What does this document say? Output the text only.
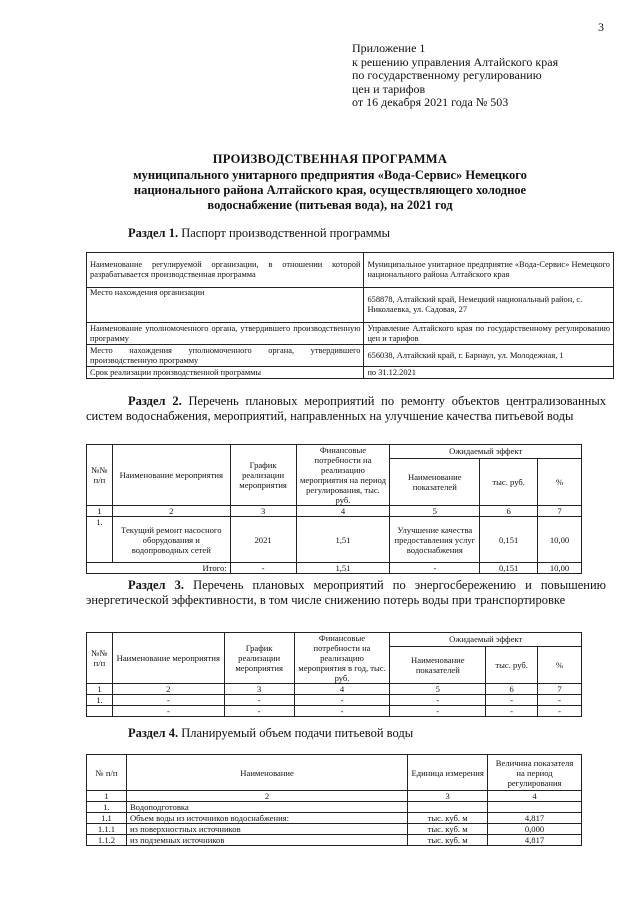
3
Приложение 1
к решению управления Алтайского края
по государственному регулированию
цен и тарифов
от 16 декабря 2021 года № 503
ПРОИЗВОДСТВЕННАЯ ПРОГРАММА
муниципального унитарного предприятия «Вода-Сервис» Немецкого
национального района Алтайского края, осуществляющего холодное
водоснабжение (питьевая вода), на 2021 год
Раздел 1. Паспорт производственной программы
Наименование регулируемой организации, в отношении которой разрабатывается производственная программа	Муниципальное унитарное предприятие «Вода-Сервис» Немецкого национального района Алтайского края
Место нахождения организации	658878, Алтайский край, Немецкий национальный район, с. Николаевка, ул. Садовая, 27
Наименование уполномоченного органа, утвердившего производственную программу	Управление Алтайского края по государственному регулированию цен и тарифов
Место нахождения уполномоченного органа, утвердившего производственную программу	656038, Алтайский край, г. Барнаул, ул. Молодежная, 1
Срок реализации производственной программы	по 31.12.2021
Раздел 2. Перечень плановых мероприятий по ремонту объектов централизованных систем водоснабжения, мероприятий, направленных на улучшение качества питьевой воды
№№ п/п	Наименование мероприятия	График реализации мероприятия	Финансовые потребности на реализацию мероприятия на период регулирования, тыс. руб.	Ожидаемый эффект		
				Наименование показателей	тыс. руб.	%
1	2	3	4	5	6	7
1.	Текущий ремонт насосного оборудования и водопроводных сетей	2021	1,51	Улучшение качества предоставления услуг водоснабжения	0,151	10,00
Итого:		-	1,51	-	0,151	10,00
Раздел 3. Перечень плановых мероприятий по энергосбережению и повышению энергетической эффективности, в том числе снижению потерь воды при транспортировке
№№ п/п	Наименование мероприятия	График реализации мероприятия	Финансовые потребности на реализацию мероприятия в год, тыс. руб.	Ожидаемый эффект		
				Наименование показателей	тыс. руб.	%
1	2	3	4	5	6	7
1.	-	-	-	-	-	-
	-	-	-	-	-	-
Раздел 4. Планируемый объем подачи питьевой воды
№ п/п	Наименование	Единица измерения	Величина показателя на период регулирования
1	2	3	4
1.	Водоподготовка		
1.1	Объем воды из источников водоснабжения:	тыс. куб. м	4,817
1.1.1	из поверхностных источников	тыс. куб. м	0,000
1.1.2	из подземных источников	тыс. куб. м	4,817
